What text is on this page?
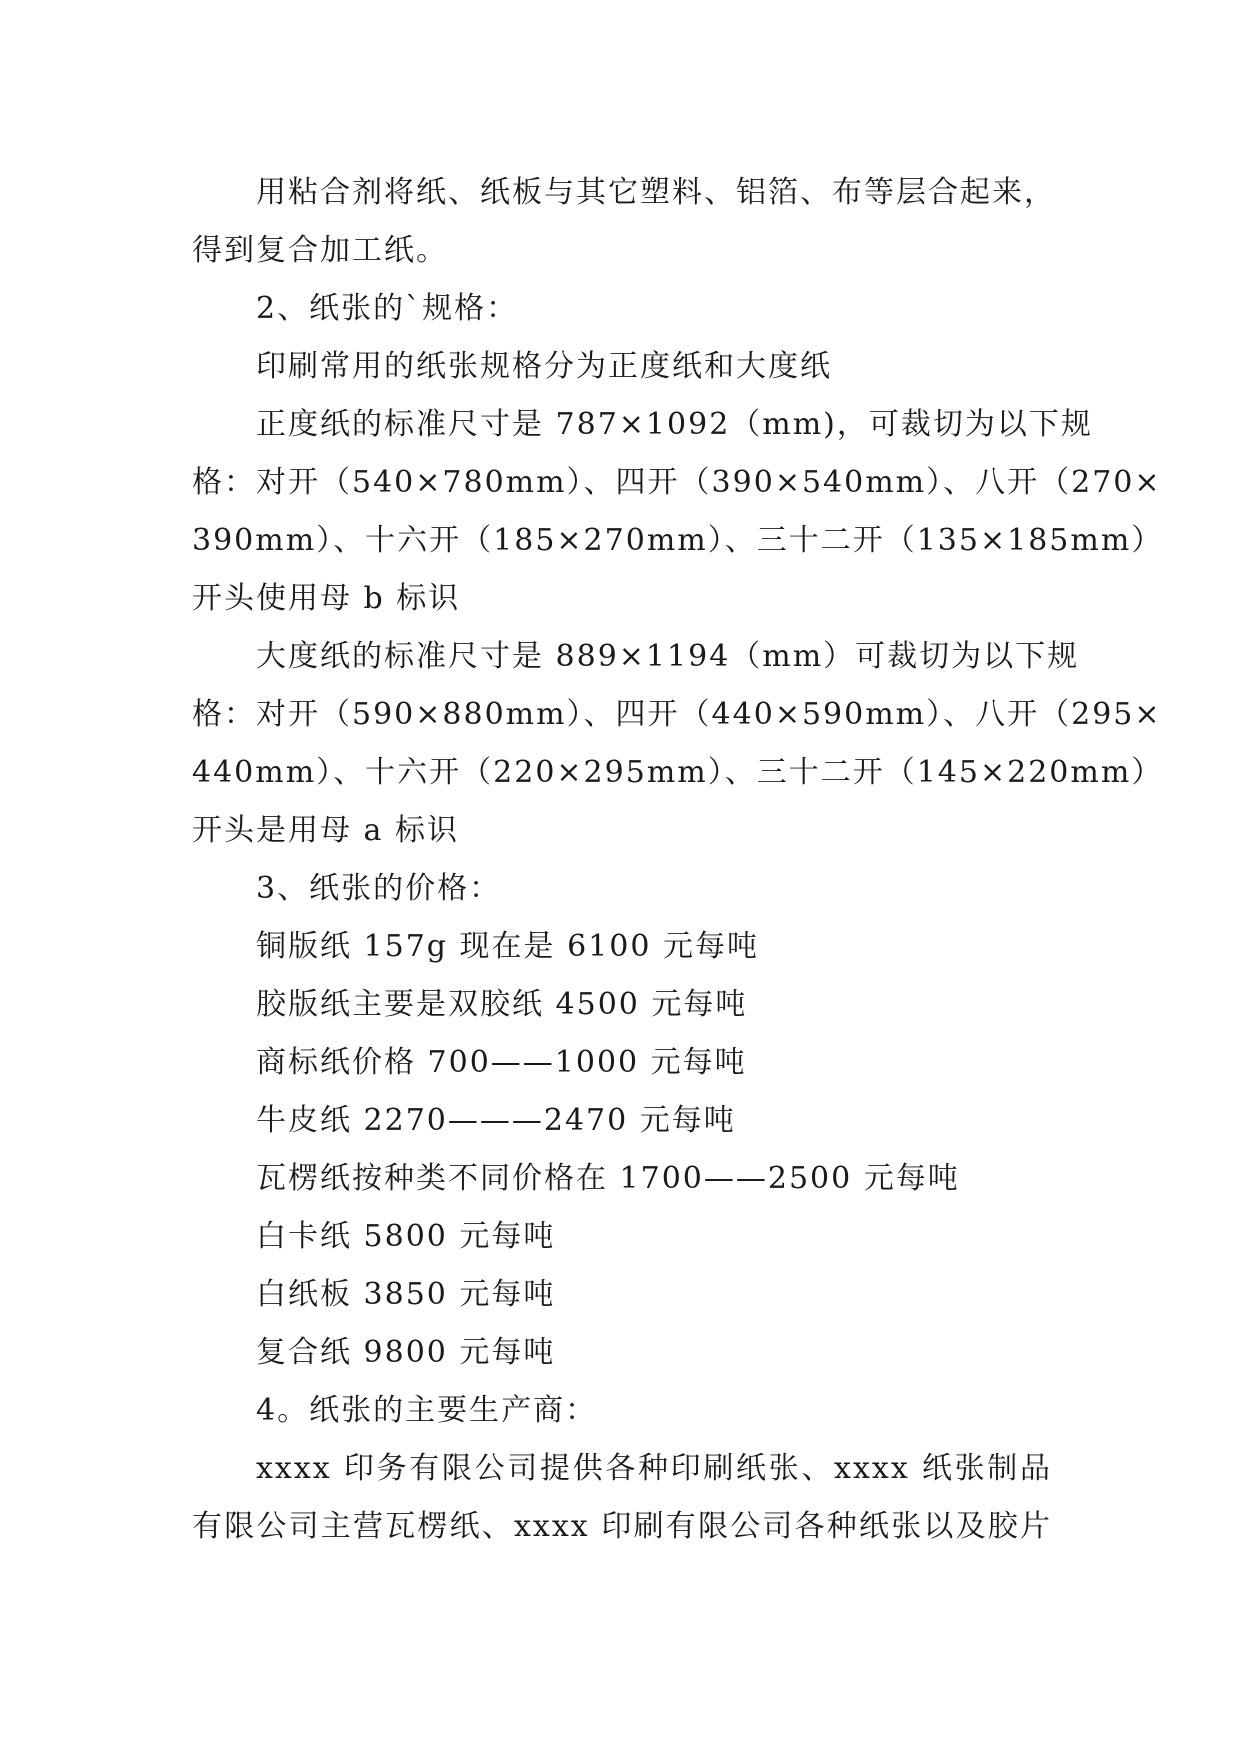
用粘合剂将纸、纸板与其它塑料、铝箔、布等层合起来，
得到复合加工纸。
2、纸张的`规格：
印刷常用的纸张规格分为正度纸和大度纸
正度纸的标准尺寸是 787×1092（mm)，可裁切为以下规
格：对开（540×780mm）、四开（390×540mm）、八开（270×
390mm）、十六开（185×270mm）、三十二开（135×185mm）
开头使用母 b 标识
大度纸的标准尺寸是 889×1194（mm）可裁切为以下规
格：对开（590×880mm）、四开（440×590mm）、八开（295×
440mm）、十六开（220×295mm）、三十二开（145×220mm）
开头是用母 a 标识
3、纸张的价格：
铜版纸 157g 现在是 6100 元每吨
胶版纸主要是双胶纸 4500 元每吨
商标纸价格 700——1000 元每吨
牛皮纸 2270———2470 元每吨
瓦楞纸按种类不同价格在 1700——2500 元每吨
白卡纸 5800 元每吨
白纸板 3850 元每吨
复合纸 9800 元每吨
4。纸张的主要生产商：
xxxx 印务有限公司提供各种印刷纸张、xxxx 纸张制品
有限公司主营瓦楞纸、xxxx 印刷有限公司各种纸张以及胶片
